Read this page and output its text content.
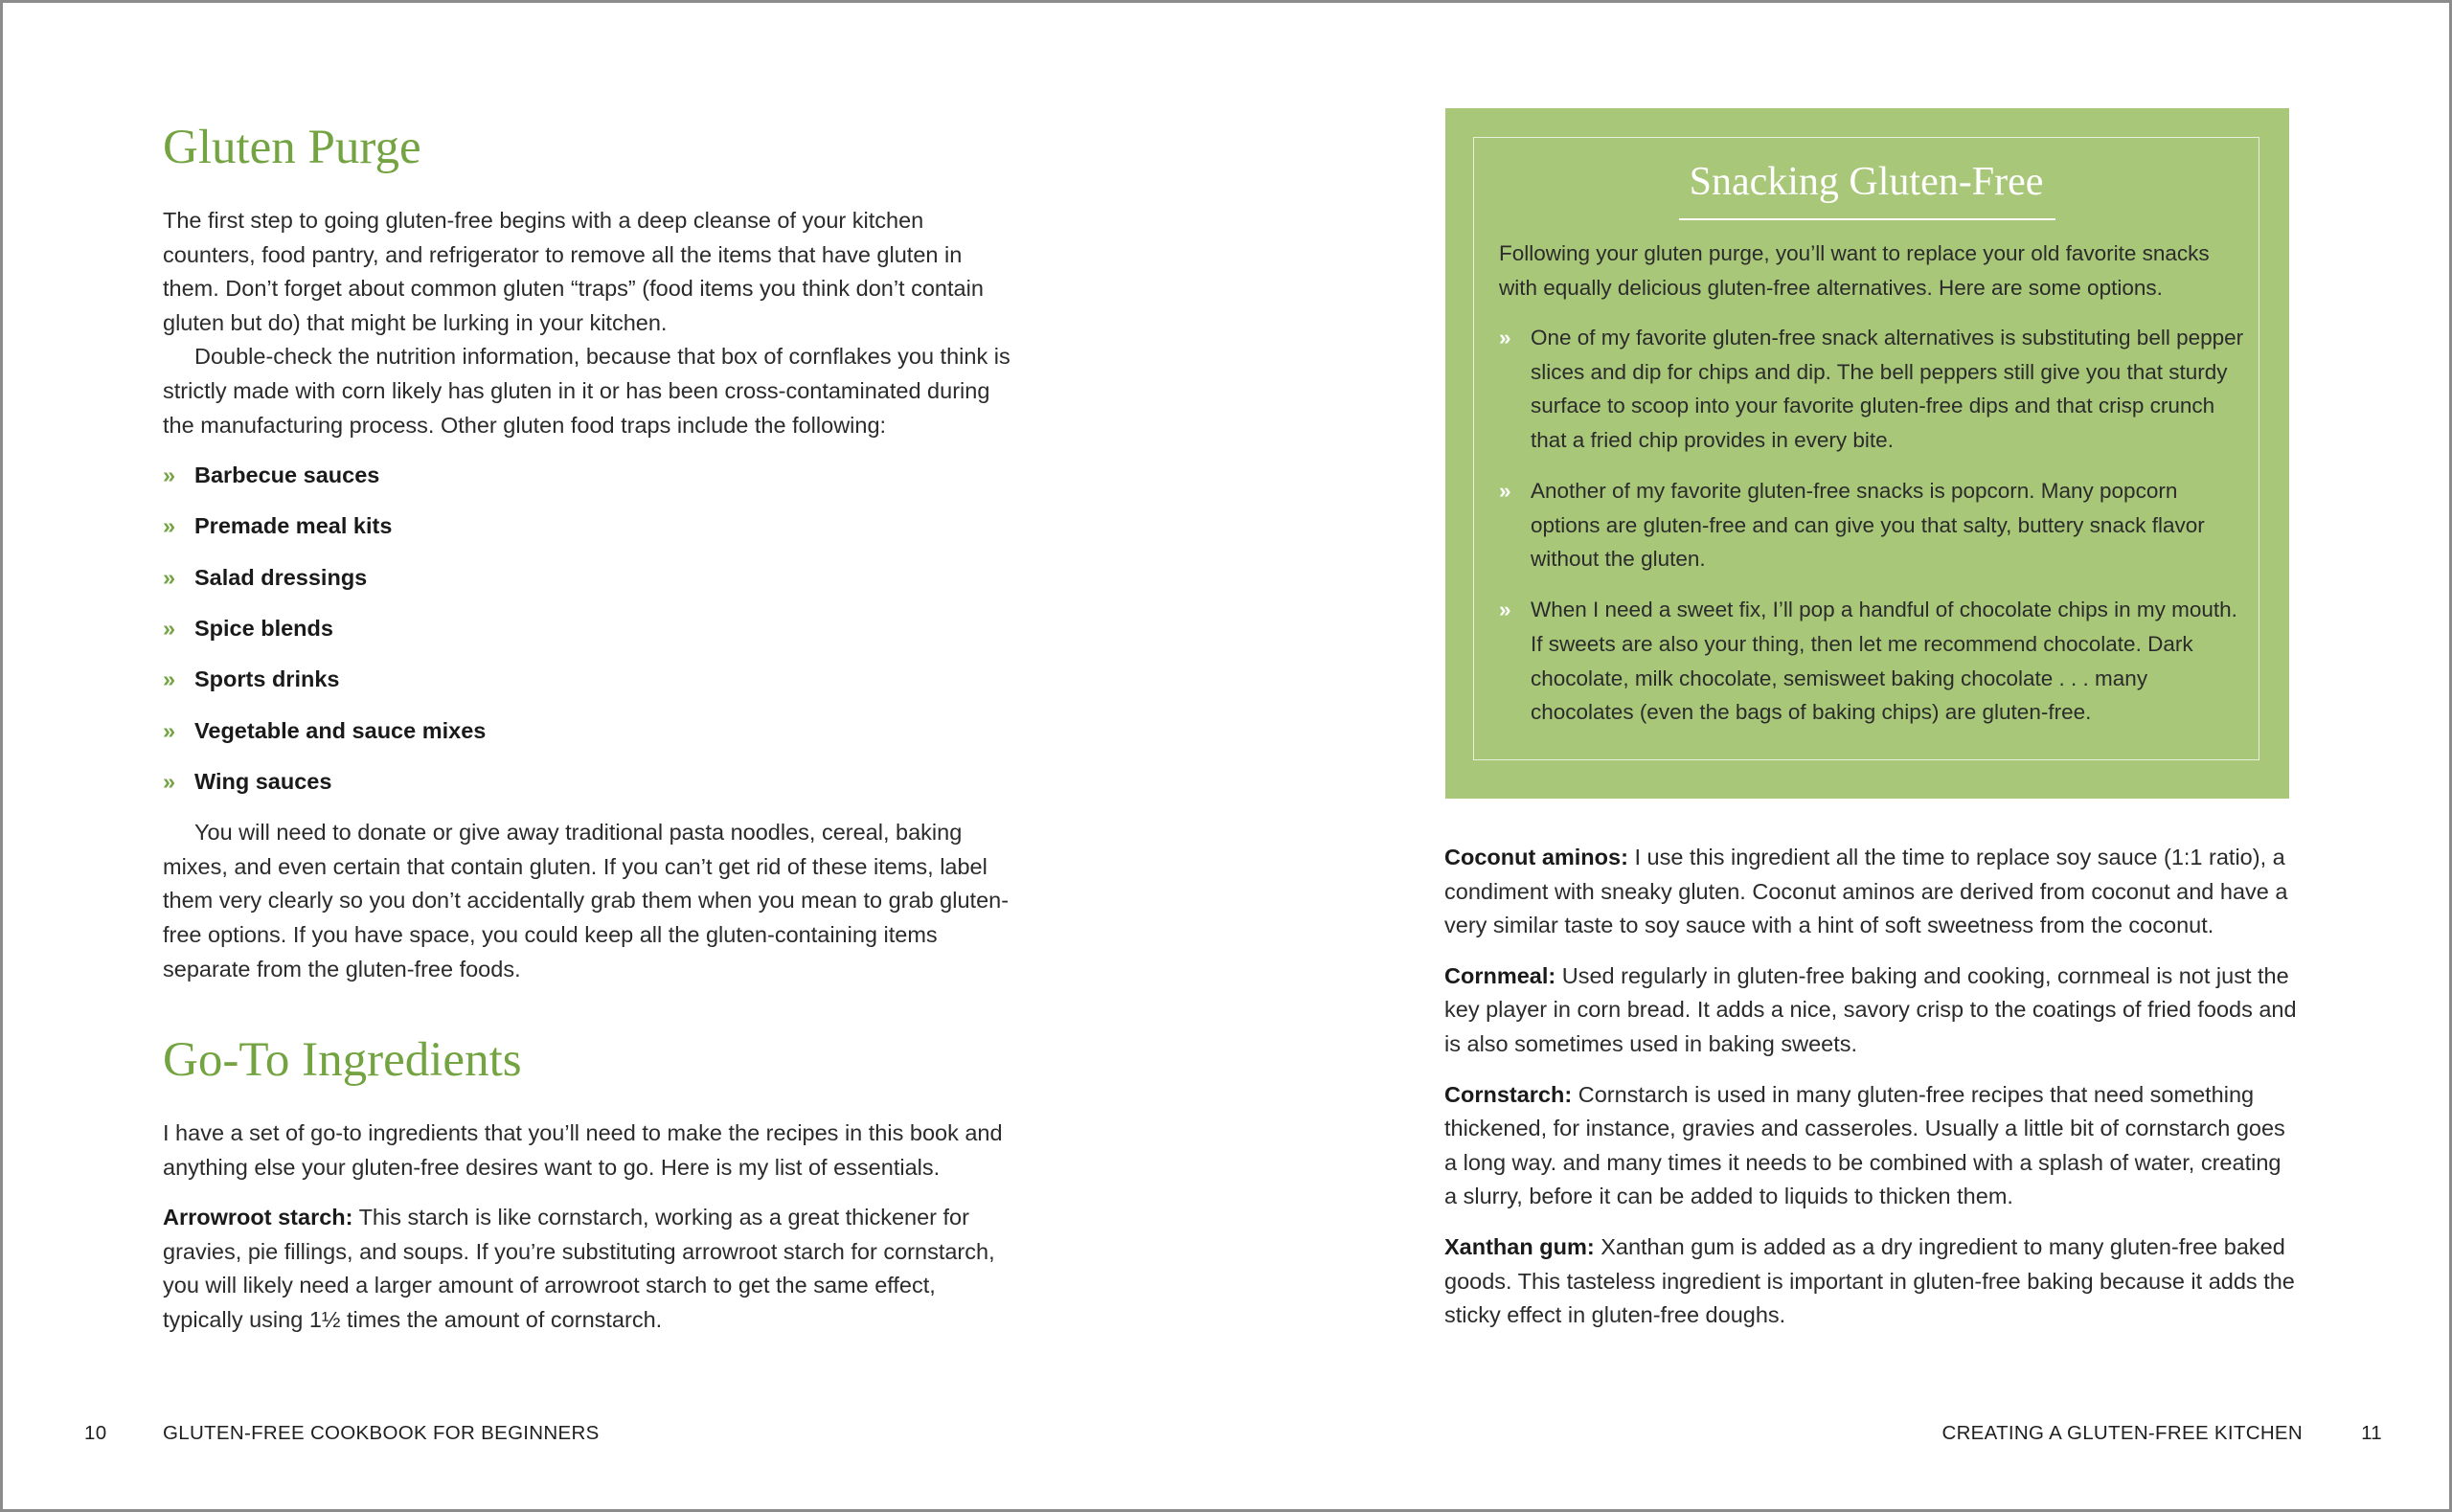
Gluten Purge

The first step to going gluten-free begins with a deep cleanse of your kitchen counters, food pantry, and refrigerator to remove all the items that have gluten in them. Don’t forget about common gluten “traps” (food items you think don’t contain gluten but do) that might be lurking in your kitchen.

Double-check the nutrition information, because that box of cornflakes you think is strictly made with corn likely has gluten in it or has been cross-contaminated during the manufacturing process. Other gluten food traps include the following:

» Barbecue sauces
» Premade meal kits
» Salad dressings
» Spice blends
» Sports drinks
» Vegetable and sauce mixes
» Wing sauces

You will need to donate or give away traditional pasta noodles, cereal, baking mixes, and even certain that contain gluten. If you can’t get rid of these items, label them very clearly so you don’t accidentally grab them when you mean to grab gluten-free options. If you have space, you could keep all the gluten-containing items separate from the gluten-free foods.

Go-To Ingredients

I have a set of go-to ingredients that you’ll need to make the recipes in this book and anything else your gluten-free desires want to go. Here is my list of essentials.

Arrowroot starch: This starch is like cornstarch, working as a great thickener for gravies, pie fillings, and soups. If you’re substituting arrowroot starch for cornstarch, you will likely need a larger amount of arrowroot starch to get the same effect, typically using 1½ times the amount of cornstarch.

10	GLUTEN-FREE COOKBOOK FOR BEGINNERS
Snacking Gluten-Free

Following your gluten purge, you’ll want to replace your old favorite snacks with equally delicious gluten-free alternatives. Here are some options.

» One of my favorite gluten-free snack alternatives is substituting bell pepper slices and dip for chips and dip. The bell peppers still give you that sturdy surface to scoop into your favorite gluten-free dips and that crisp crunch that a fried chip provides in every bite.
» Another of my favorite gluten-free snacks is popcorn. Many popcorn options are gluten-free and can give you that salty, buttery snack flavor without the gluten.
» When I need a sweet fix, I’ll pop a handful of chocolate chips in my mouth. If sweets are also your thing, then let me recommend chocolate. Dark chocolate, milk chocolate, semisweet baking chocolate . . . many chocolates (even the bags of baking chips) are gluten-free.

Coconut aminos: I use this ingredient all the time to replace soy sauce (1:1 ratio), a condiment with sneaky gluten. Coconut aminos are derived from coconut and have a very similar taste to soy sauce with a hint of soft sweetness from the coconut.

Cornmeal: Used regularly in gluten-free baking and cooking, cornmeal is not just the key player in corn bread. It adds a nice, savory crisp to the coatings of fried foods and is also sometimes used in baking sweets.

Cornstarch: Cornstarch is used in many gluten-free recipes that need something thickened, for instance, gravies and casseroles. Usually a little bit of cornstarch goes a long way. and many times it needs to be combined with a splash of water, creating a slurry, before it can be added to liquids to thicken them.

Xanthan gum: Xanthan gum is added as a dry ingredient to many gluten-free baked goods. This tasteless ingredient is important in gluten-free baking because it adds the sticky effect in gluten-free doughs.

CREATING A GLUTEN-FREE KITCHEN	11
